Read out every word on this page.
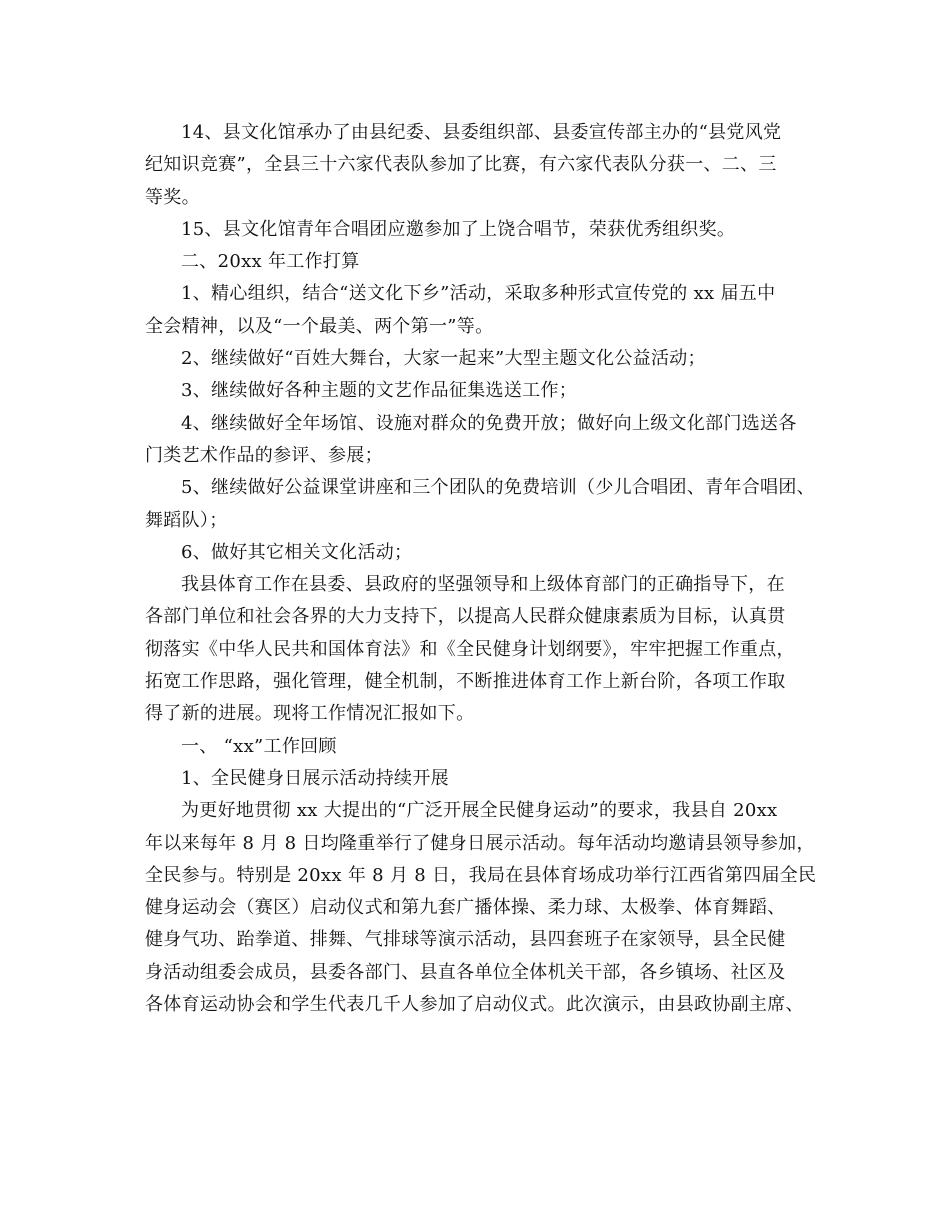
14、县文化馆承办了由县纪委、县委组织部、县委宣传部主办的“县党风党
纪知识竞赛”，全县三十六家代表队参加了比赛，有六家代表队分获一、二、三
等奖。
15、县文化馆青年合唱团应邀参加了上饶合唱节，荣获优秀组织奖。
二、20xx 年工作打算
1、精心组织，结合“送文化下乡”活动，采取多种形式宣传党的 xx 届五中
全会精神，以及“一个最美、两个第一”等。
2、继续做好“百姓大舞台，大家一起来”大型主题文化公益活动；
3、继续做好各种主题的文艺作品征集选送工作；
4、继续做好全年场馆、设施对群众的免费开放；做好向上级文化部门选送各
门类艺术作品的参评、参展；
5、继续做好公益课堂讲座和三个团队的免费培训（少儿合唱团、青年合唱团、
舞蹈队）；
6、做好其它相关文化活动；
我县体育工作在县委、县政府的坚强领导和上级体育部门的正确指导下，在
各部门单位和社会各界的大力支持下，以提高人民群众健康素质为目标，认真贯
彻落实《中华人民共和国体育法》和《全民健身计划纲要》，牢牢把握工作重点，
拓宽工作思路，强化管理，健全机制，不断推进体育工作上新台阶，各项工作取
得了新的进展。现将工作情况汇报如下。
一、 “xx”工作回顾
1、全民健身日展示活动持续开展
为更好地贯彻 xx 大提出的“广泛开展全民健身运动”的要求，我县自 20xx
年以来每年 8 月 8 日均隆重举行了健身日展示活动。每年活动均邀请县领导参加，
全民参与。特别是 20xx 年 8 月 8 日，我局在县体育场成功举行江西省第四届全民
健身运动会（赛区）启动仪式和第九套广播体操、柔力球、太极拳、体育舞蹈、
健身气功、跆拳道、排舞、气排球等演示活动，县四套班子在家领导，县全民健
身活动组委会成员，县委各部门、县直各单位全体机关干部，各乡镇场、社区及
各体育运动协会和学生代表几千人参加了启动仪式。此次演示，由县政协副主席、
